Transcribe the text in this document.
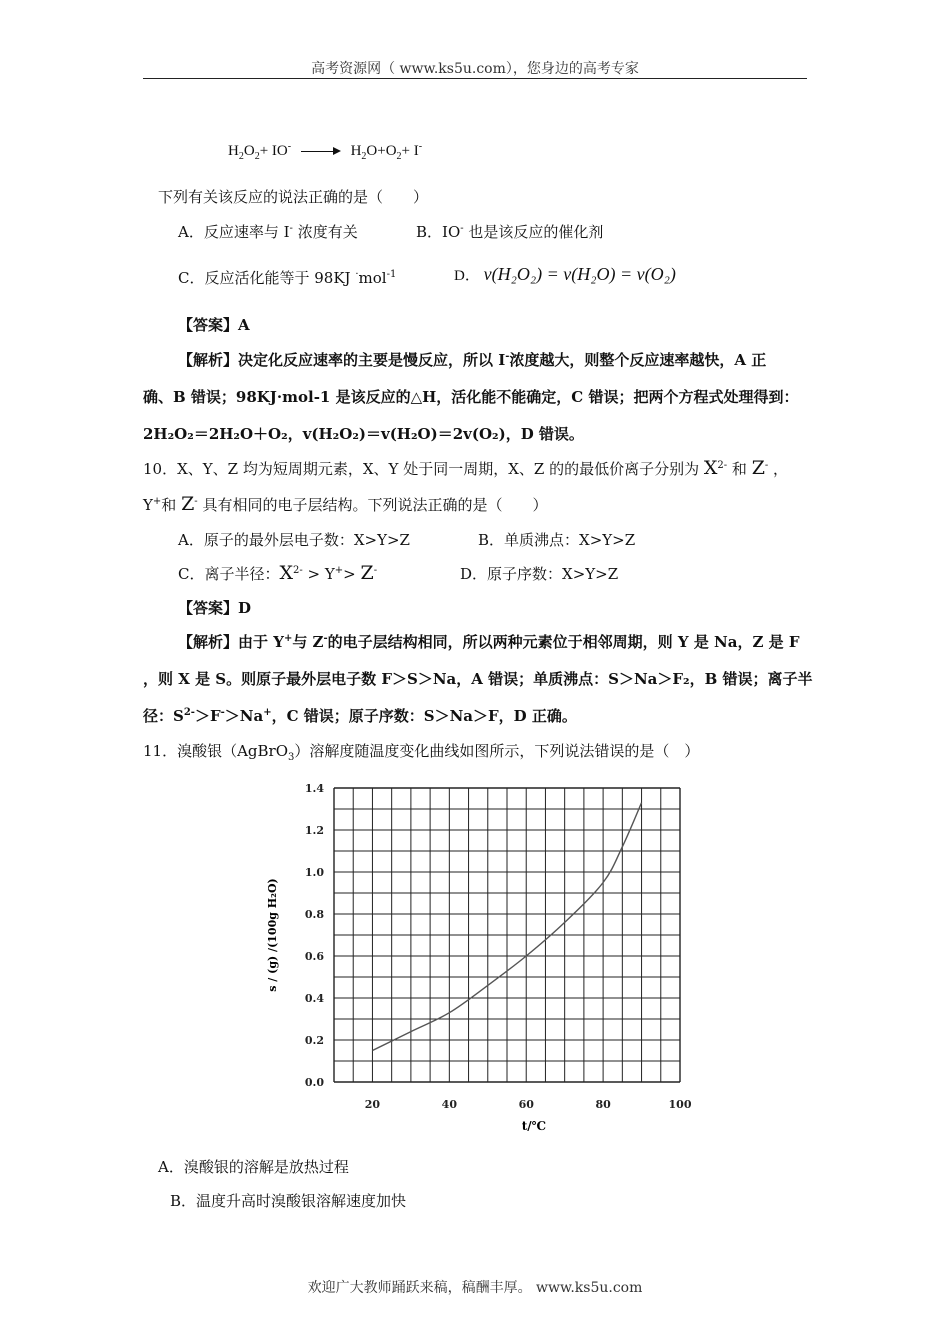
高考资源网（ www.ks5u.com），您身边的高考专家
$H_2O_2+ IO^-$	$H_2O+O_2+ I^-$
下列有关该反应的说法正确的是（　　）
A．反应速率与 I- 浓度有关	B．IO- 也是该反应的催化剂
C．反应活化能等于 98KJ ·mol$^{-1}$	D． v(H₂O₂) = v(H₂O) = v(O₂)
【答案】A
【解析】决定化反应速率的主要是慢反应，所以 I-浓度越大，则整个反应速率越快，A 正
确、B 错误；98KJ·mol-1 是该反应的△H，活化能不能确定，C 错误；把两个方程式处理得到：
2H₂O₂＝2H₂O＋O₂，v(H₂O₂)＝v(H₂O)＝2v(O₂)，D 错误。
10．X、Y、Z 均为短周期元素，X、Y 处于同一周期，X、Z 的的最低价离子分别为 $X^{2-}$ 和 Z- ，
Y+和 Z- 具有相同的电子层结构。下列说法正确的是（　　）
A．原子的最外层电子数：X>Y>Z	B．单质沸点：X>Y>Z
C．离子半径：$X^{2-} > Y^+> Z^-$	D．原子序数：X>Y>Z
【答案】D
【解析】由于 Y+与 Z-的电子层结构相同，所以两种元素位于相邻周期，则 Y 是 Na，Z 是 F
，则 X 是 S。则原子最外层电子数 F＞S＞Na，A 错误；单质沸点：S＞Na＞F₂，B 错误；离子半
径：$S^{2-}>F^->Na^+$，C 错误；原子序数：S＞Na＞F，D 正确。
11．溴酸银（AgBrO$_3$）溶解度随温度变化曲线如图所示，下列说法错误的是（　）
0.0
0.2
0.4
0.6
0.8
1.0
1.2
1.4
20	40	60	80	100
t/℃
s / (g) /(100g H₂O)
A．溴酸银的溶解是放热过程
B．温度升高时溴酸银溶解速度加快
欢迎广大教师踊跃来稿，稿酬丰厚。 www.ks5u.com
